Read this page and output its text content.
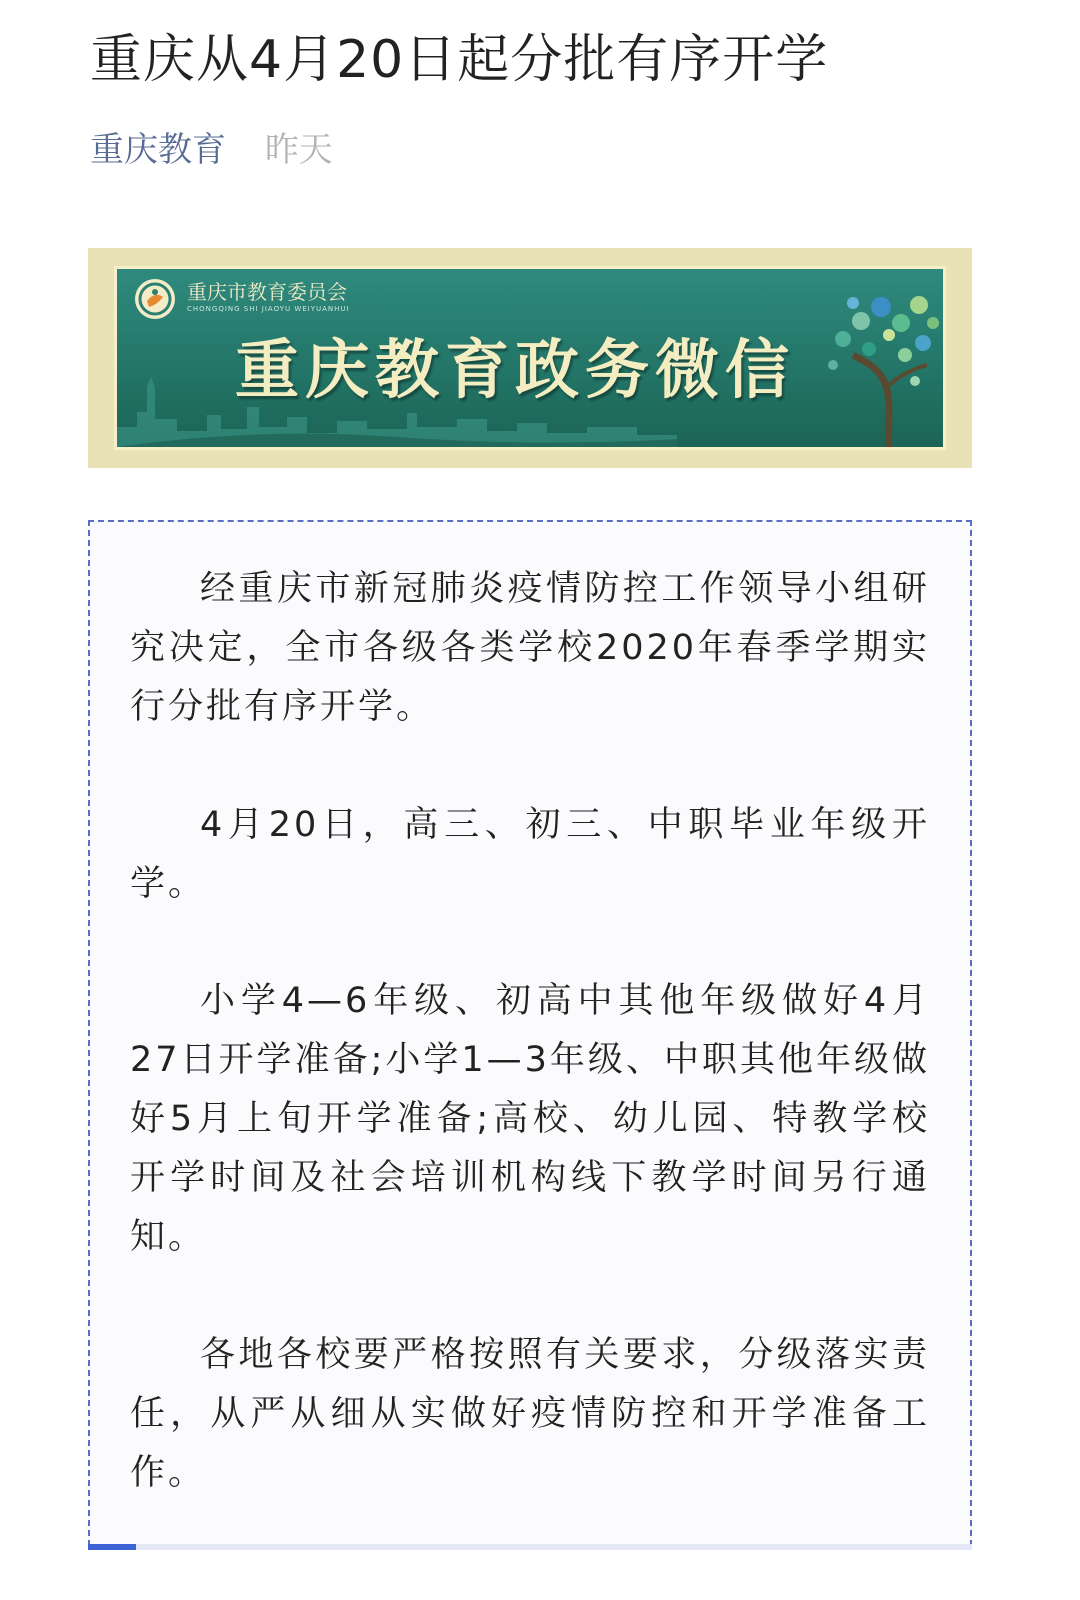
重庆从4月20日起分批有序开学
重庆教育 昨天
重庆市教育委员会
CHONGQING SHI JIAOYU WEIYUANHUI
重庆教育政务微信

经重庆市新冠肺炎疫情防控工作领导小组研究决定，全市各级各类学校2020年春季学期实行分批有序开学。

4月20日，高三、初三、中职毕业年级开学。

小学4—6年级、初高中其他年级做好4月27日开学准备;小学1—3年级、中职其他年级做好5月上旬开学准备;高校、幼儿园、特教学校开学时间及社会培训机构线下教学时间另行通知。

各地各校要严格按照有关要求，分级落实责任，从严从细从实做好疫情防控和开学准备工作。
